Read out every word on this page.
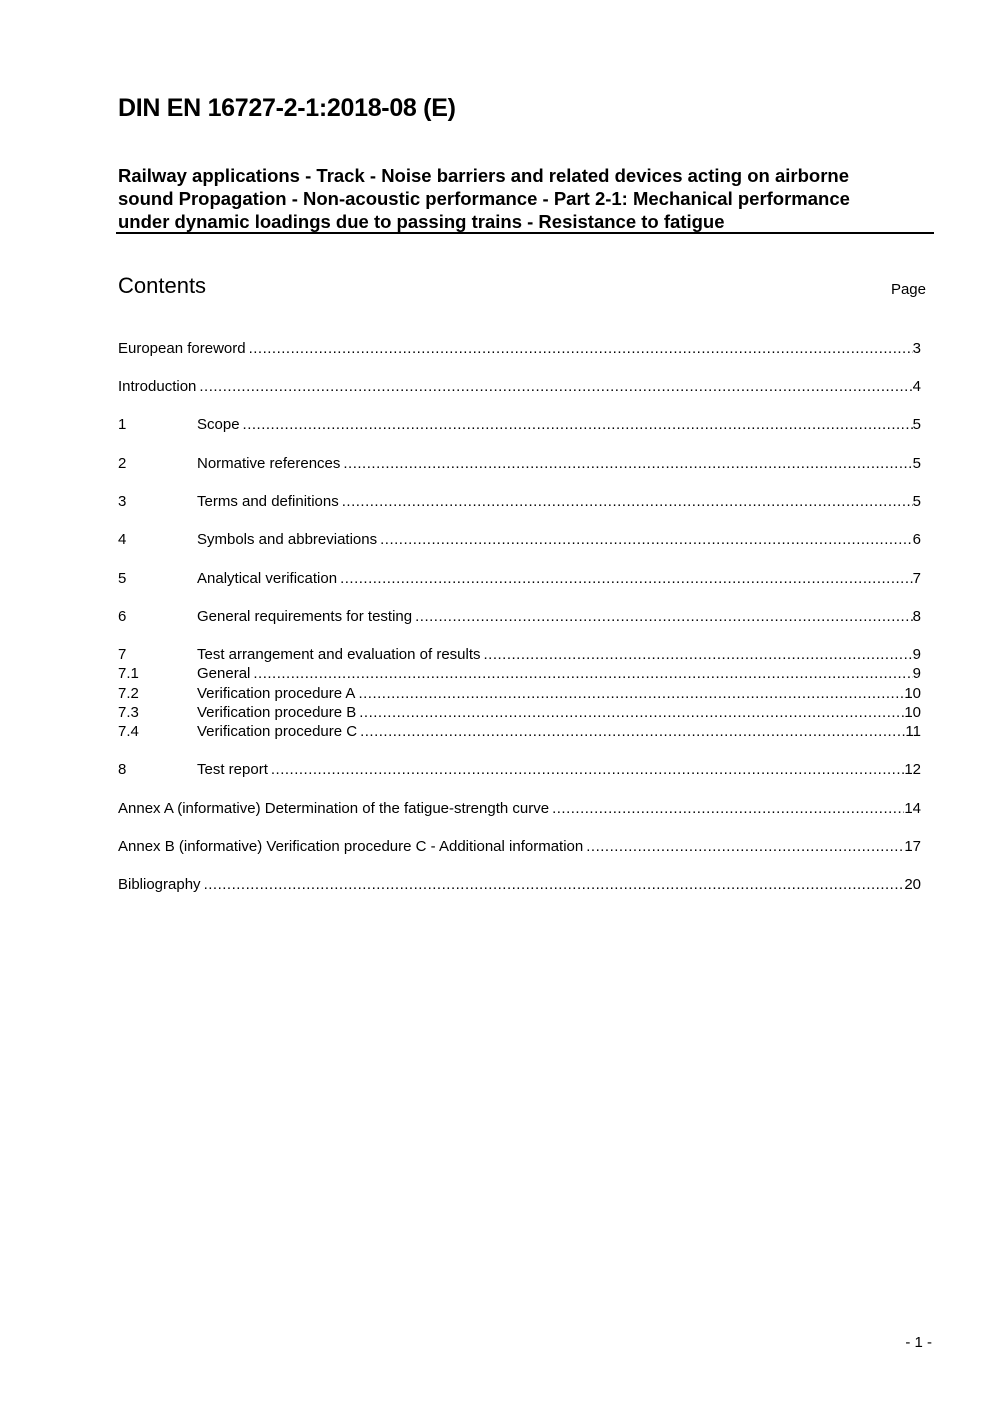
DIN EN 16727-2-1:2018-08 (E)
Railway applications - Track - Noise barriers and related devices acting on airborne
sound Propagation - Non-acoustic performance - Part 2-1: Mechanical performance
under dynamic loadings due to passing trains - Resistance to fatigue
Contents	Page
European foreword .....	3
Introduction .....	4
1	Scope .....	5
2	Normative references .....	5
3	Terms and definitions .....	5
4	Symbols and abbreviations .....	6
5	Analytical verification .....	7
6	General requirements for testing .....	8
7	Test arrangement and evaluation of results .....	9
7.1	General .....	9
7.2	Verification procedure A .....	10
7.3	Verification procedure B .....	10
7.4	Verification procedure C .....	11
8	Test report .....	12
Annex A (informative) Determination of the fatigue-strength curve .....	14
Annex B (informative) Verification procedure C - Additional information .....	17
Bibliography .....	20
- 1 -
